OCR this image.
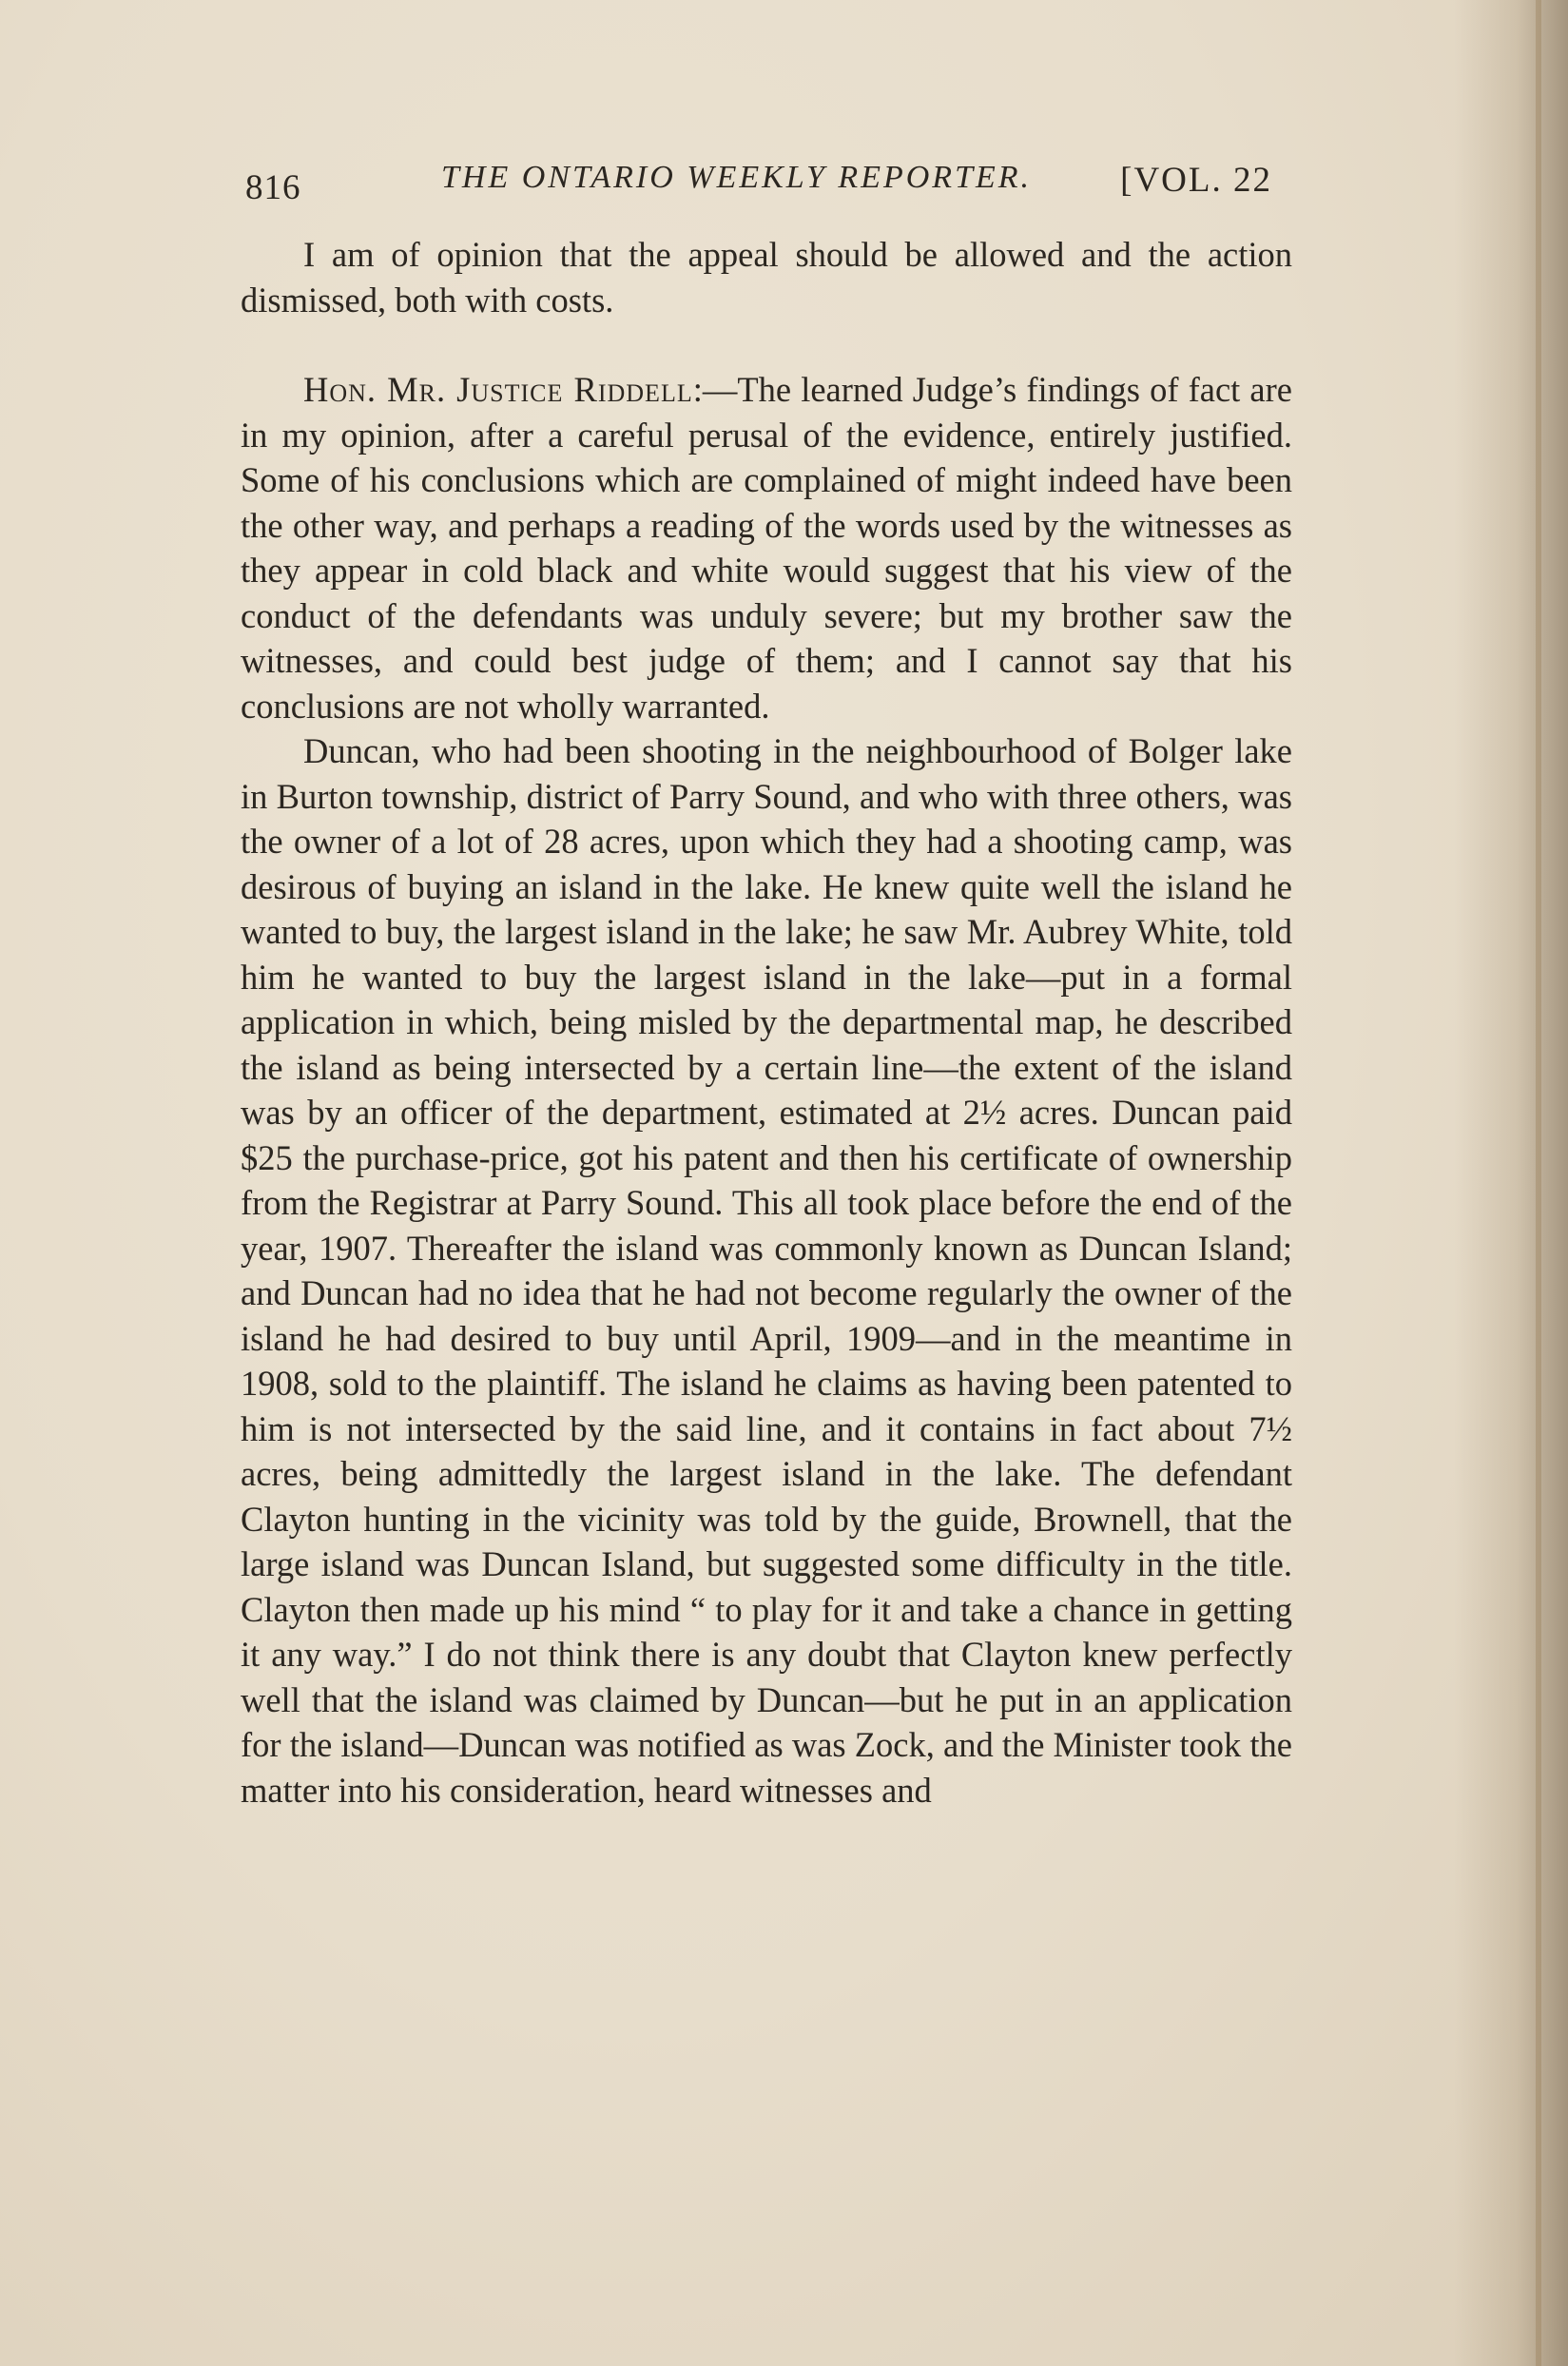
816	THE ONTARIO WEEKLY REPORTER.	[VOL. 22

I am of opinion that the appeal should be allowed and the action dismissed, both with costs.

Hon. Mr. Justice Riddell:—The learned Judge’s findings of fact are in my opinion, after a careful perusal of the evidence, entirely justified. Some of his conclusions which are complained of might indeed have been the other way, and perhaps a reading of the words used by the witnesses as they appear in cold black and white would suggest that his view of the conduct of the defendants was unduly severe; but my brother saw the witnesses, and could best judge of them; and I cannot say that his conclusions are not wholly warranted.

Duncan, who had been shooting in the neighbourhood of Bolger lake in Burton township, district of Parry Sound, and who with three others, was the owner of a lot of 28 acres, upon which they had a shooting camp, was desirous of buying an island in the lake. He knew quite well the island he wanted to buy, the largest island in the lake; he saw Mr. Aubrey White, told him he wanted to buy the largest island in the lake—put in a formal application in which, being misled by the departmental map, he described the island as being intersected by a certain line—the extent of the island was by an officer of the department, estimated at 2½ acres. Duncan paid $25 the purchase-price, got his patent and then his certificate of ownership from the Registrar at Parry Sound. This all took place before the end of the year, 1907. Thereafter the island was commonly known as Duncan Island; and Duncan had no idea that he had not become regularly the owner of the island he had desired to buy until April, 1909—and in the meantime in 1908, sold to the plaintiff. The island he claims as having been patented to him is not intersected by the said line, and it contains in fact about 7½ acres, being admittedly the largest island in the lake. The defendant Clayton hunting in the vicinity was told by the guide, Brownell, that the large island was Duncan Island, but suggested some difficulty in the title. Clayton then made up his mind “ to play for it and take a chance in getting it any way.” I do not think there is any doubt that Clayton knew perfectly well that the island was claimed by Duncan—but he put in an application for the island—Duncan was notified as was Zock, and the Minister took the matter into his consideration, heard witnesses and
